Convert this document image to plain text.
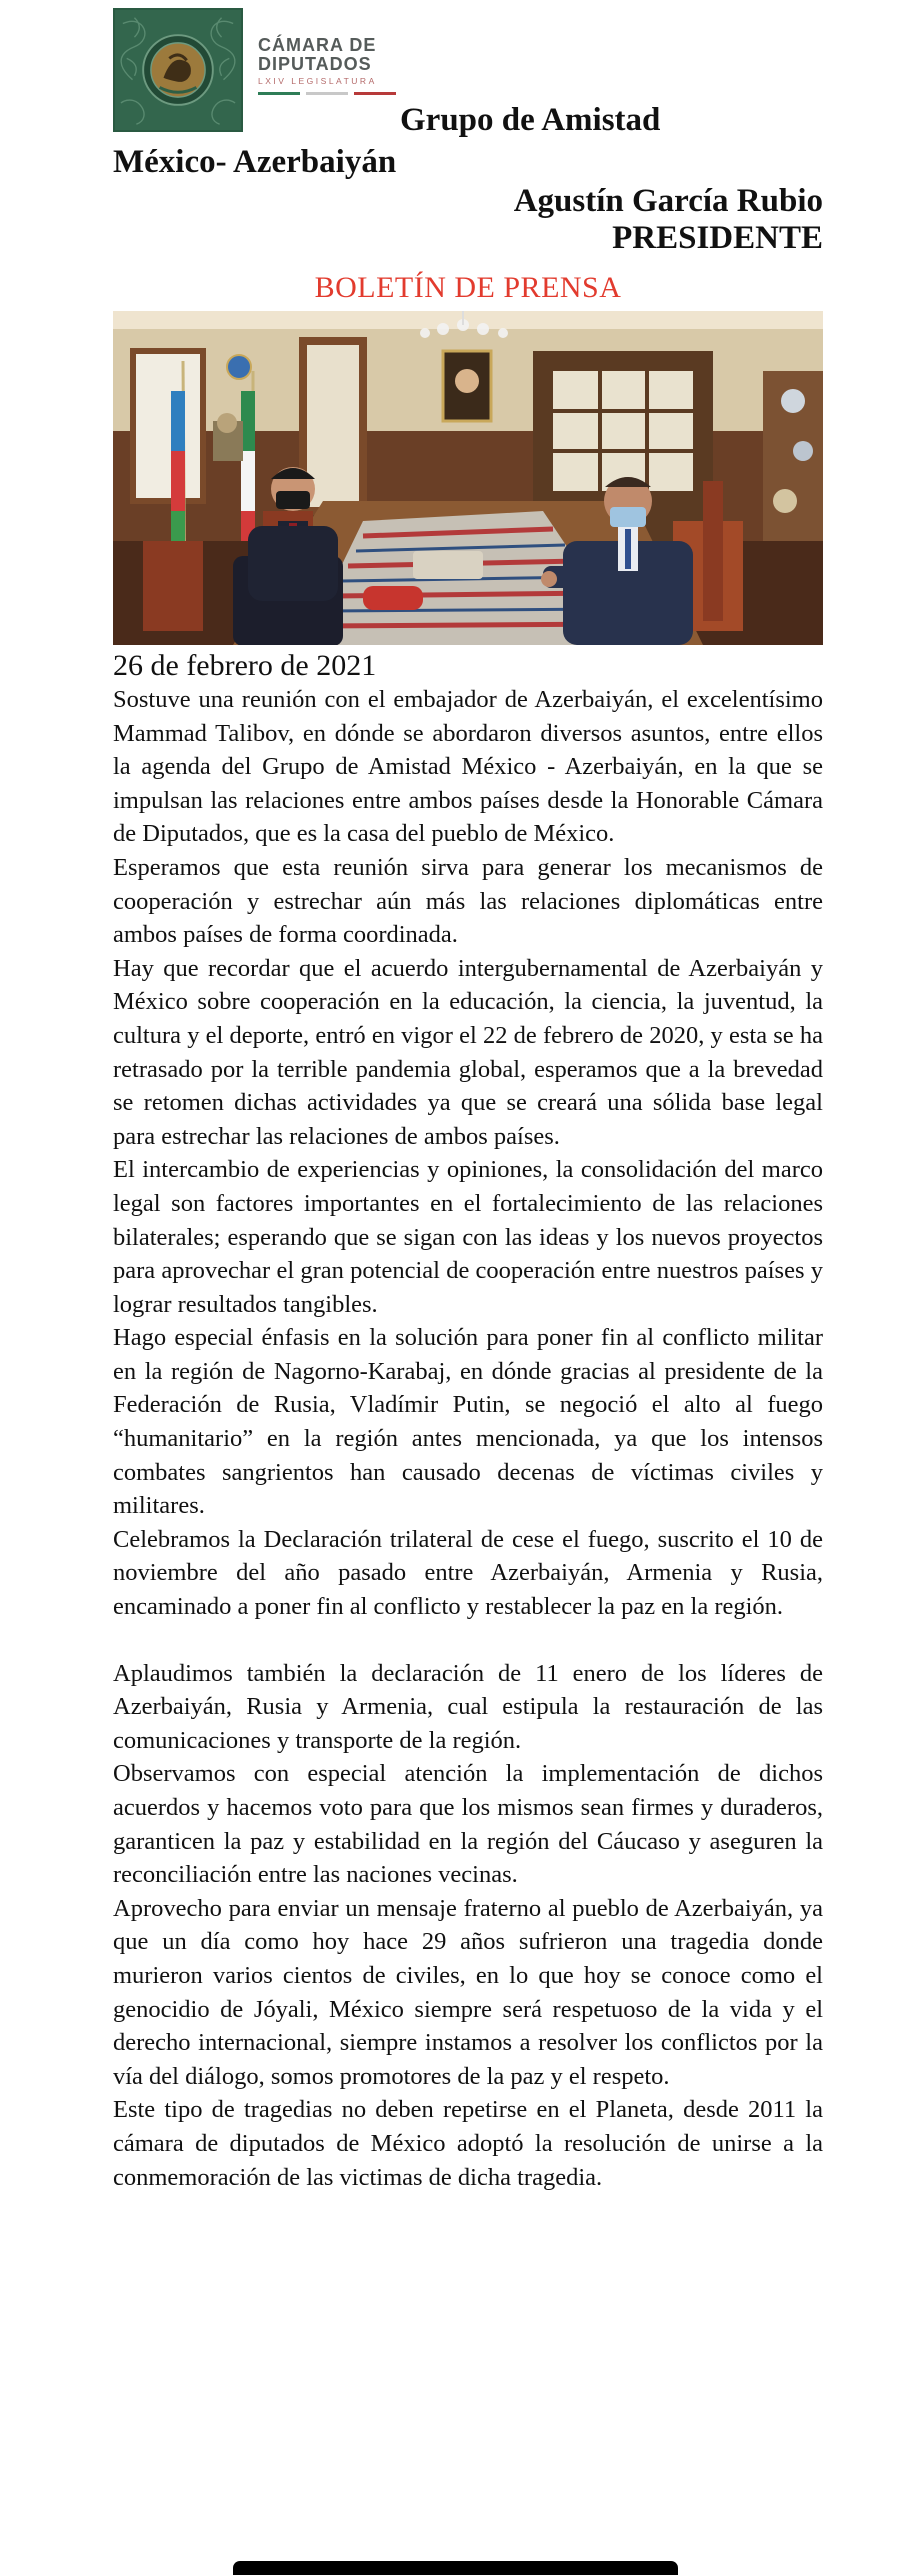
CÁMARA DE
DIPUTADOS
LXIV LEGISLATURA
Grupo de Amistad
México- Azerbaiyán
Agustín García Rubio
PRESIDENTE
BOLETÍN DE PRENSA
26 de febrero de 2021

Sostuve una reunión con el embajador de Azerbaiyán, el excelentísimo Mammad Talibov, en dónde se abordaron diversos asuntos, entre ellos la agenda del Grupo de Amistad México - Azerbaiyán, en la que se impulsan las relaciones entre ambos países desde la Honorable Cámara de Diputados, que es la casa del pueblo de México.

Esperamos que esta reunión sirva para generar los mecanismos de cooperación y estrechar aún más las relaciones diplomáticas entre ambos países de forma coordinada.

Hay que recordar que el acuerdo intergubernamental de Azerbaiyán y México sobre cooperación en la educación, la ciencia, la juventud, la cultura y el deporte, entró en vigor el 22 de febrero de 2020, y esta se ha retrasado por la terrible pandemia global, esperamos que a la brevedad se retomen dichas actividades ya que se creará una sólida base legal para estrechar las relaciones de ambos países.

El intercambio de experiencias y opiniones, la consolidación del marco legal son factores importantes en el fortalecimiento de las relaciones bilaterales; esperando que se sigan con las ideas y los nuevos proyectos para aprovechar el gran potencial de cooperación entre nuestros países y lograr resultados tangibles.

Hago especial énfasis en la solución para poner fin al conflicto militar en la región de Nagorno-Karabaj, en dónde gracias al presidente de la Federación de Rusia, Vladímir Putin, se negoció el alto al fuego “humanitario” en la región antes mencionada, ya que los intensos combates sangrientos han causado decenas de víctimas civiles y militares.

Celebramos la Declaración trilateral de cese el fuego, suscrito el 10 de noviembre del año pasado entre Azerbaiyán, Armenia y Rusia, encaminado a poner fin al conflicto y restablecer la paz en la región.

Aplaudimos también la declaración de 11 enero de los líderes de Azerbaiyán, Rusia y Armenia, cual estipula la restauración de las comunicaciones y transporte de la región.

Observamos con especial atención la implementación de dichos acuerdos y hacemos voto para que los mismos sean firmes y duraderos, garanticen la paz y estabilidad en la región del Cáucaso y aseguren la reconciliación entre las naciones vecinas.

Aprovecho para enviar un mensaje fraterno al pueblo de Azerbaiyán, ya que un día como hoy hace 29 años sufrieron una tragedia donde murieron varios cientos de civiles, en lo que hoy se conoce como el genocidio de Jóyali, México siempre será respetuoso de la vida y el derecho internacional, siempre instamos a resolver los conflictos por la vía del diálogo, somos promotores de la paz y el respeto.

Este tipo de tragedias no deben repetirse en el Planeta, desde 2011 la cámara de diputados de México adoptó la resolución de unirse a la conmemoración de las victimas de dicha tragedia.
